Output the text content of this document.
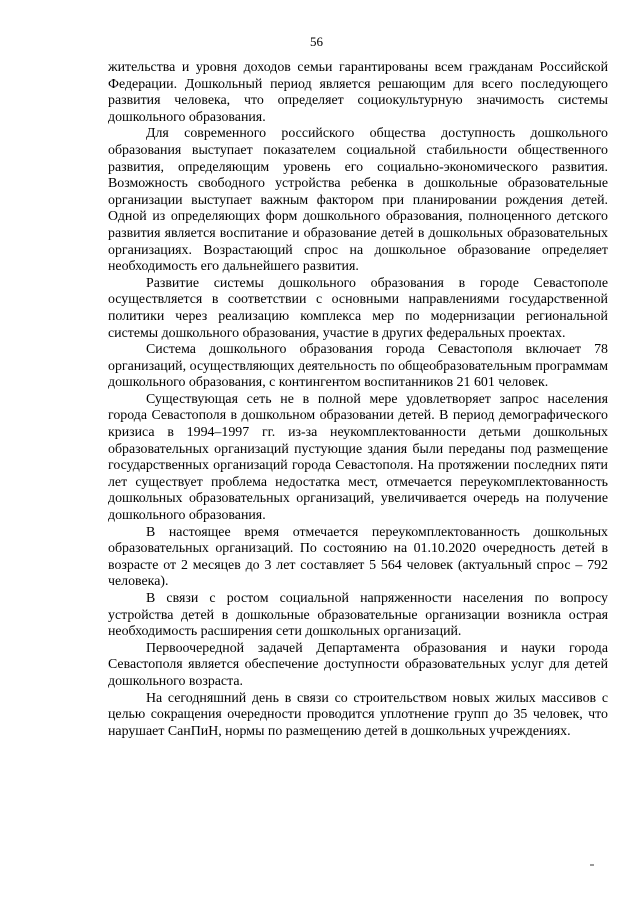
56

жительства и уровня доходов семьи гарантированы всем гражданам Российской Федерации. Дошкольный период является решающим для всего последующего развития человека, что определяет социокультурную значимость системы дошкольного образования.

Для современного российского общества доступность дошкольного образования выступает показателем социальной стабильности общественного развития, определяющим уровень его социально-экономического развития. Возможность свободного устройства ребенка в дошкольные образовательные организации выступает важным фактором при планировании рождения детей. Одной из определяющих форм дошкольного образования, полноценного детского развития является воспитание и образование детей в дошкольных образовательных организациях. Возрастающий спрос на дошкольное образование определяет необходимость его дальнейшего развития.

Развитие системы дошкольного образования в городе Севастополе осуществляется в соответствии с основными направлениями государственной политики через реализацию комплекса мер по модернизации региональной системы дошкольного образования, участие в других федеральных проектах.

Система дошкольного образования города Севастополя включает 78 организаций, осуществляющих деятельность по общеобразовательным программам дошкольного образования, с контингентом воспитанников 21 601 человек.

Существующая сеть не в полной мере удовлетворяет запрос населения города Севастополя в дошкольном образовании детей. В период демографического кризиса в 1994–1997 гг. из-за неукомплектованности детьми дошкольных образовательных организаций пустующие здания были переданы под размещение государственных организаций города Севастополя. На протяжении последних пяти лет существует проблема недостатка мест, отмечается переукомплектованность дошкольных образовательных организаций, увеличивается очередь на получение дошкольного образования.

В настоящее время отмечается переукомплектованность дошкольных образовательных организаций. По состоянию на 01.10.2020 очередность детей в возрасте от 2 месяцев до 3 лет составляет 5 564 человек (актуальный спрос – 792 человека).

В связи с ростом социальной напряженности населения по вопросу устройства детей в дошкольные образовательные организации возникла острая необходимость расширения сети дошкольных организаций.

Первоочередной задачей Департамента образования и науки города Севастополя является обеспечение доступности образовательных услуг для детей дошкольного возраста.

На сегодняшний день в связи со строительством новых жилых массивов с целью сокращения очередности проводится уплотнение групп до 35 человек, что нарушает СанПиН, нормы по размещению детей в дошкольных учреждениях.
